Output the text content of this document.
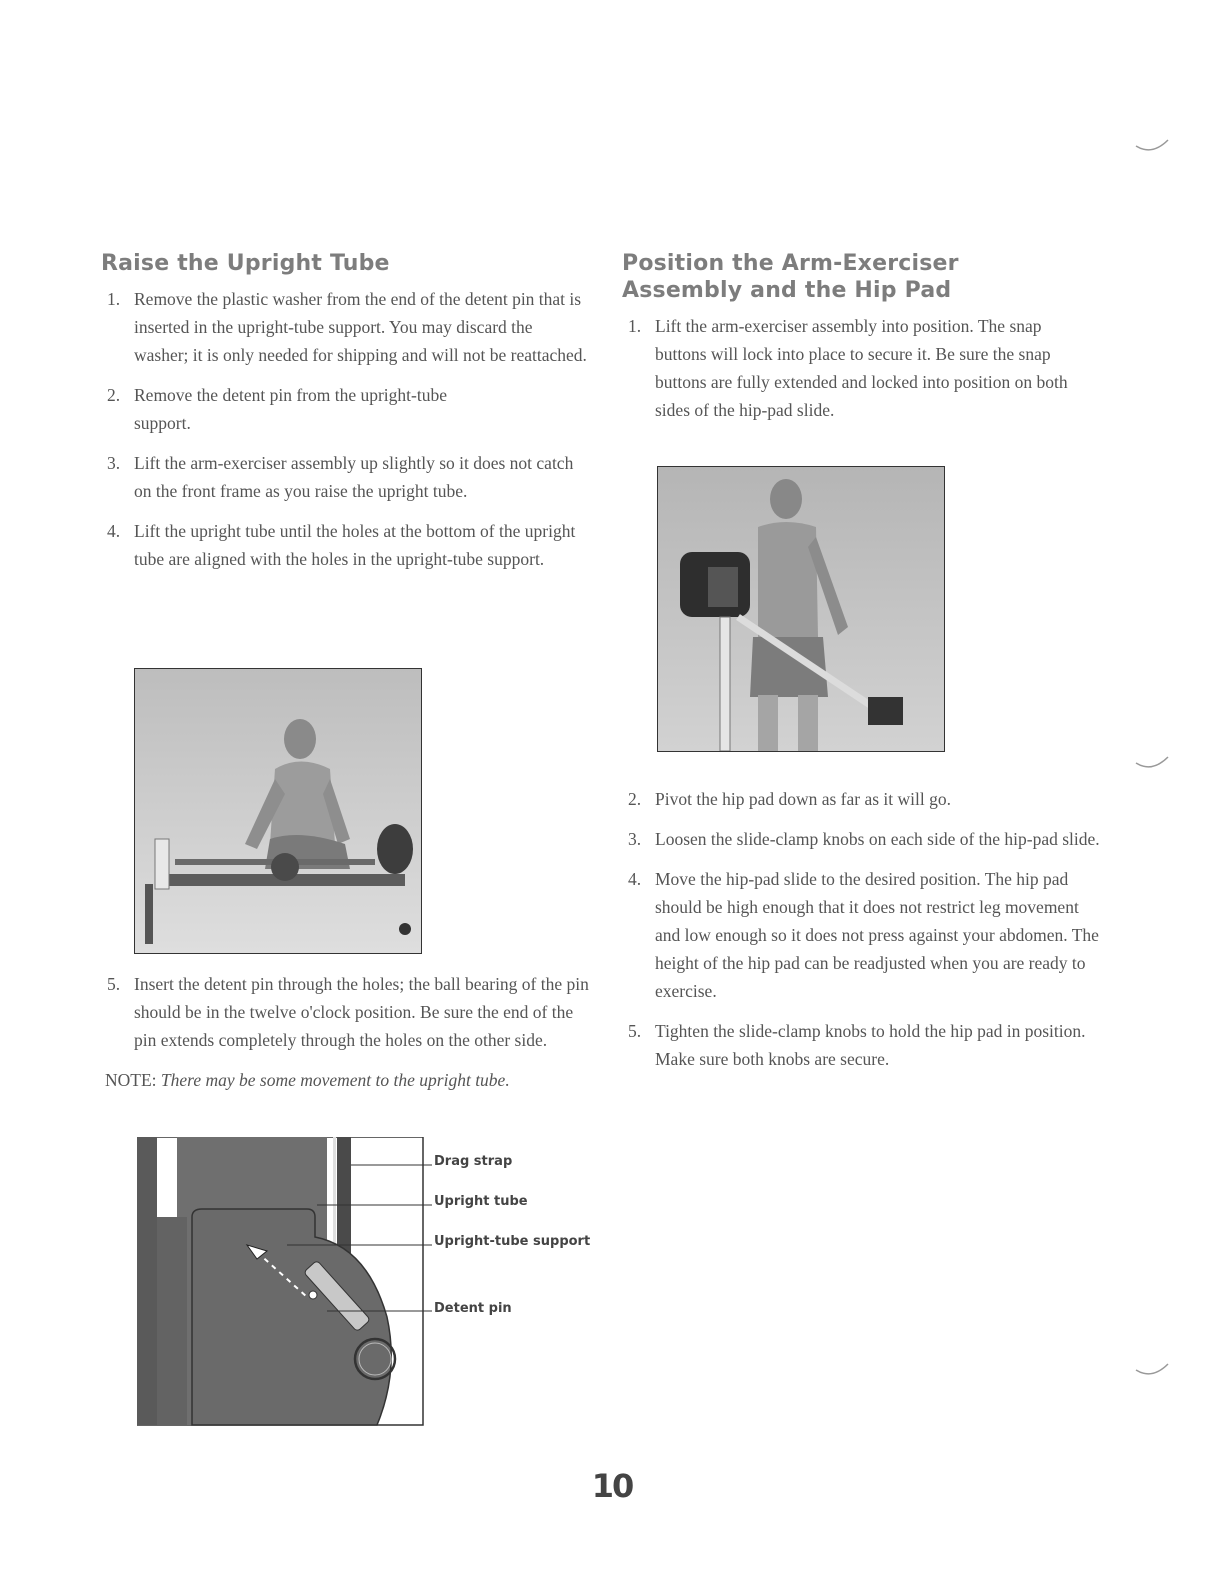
Raise the Upright Tube
1. Remove the plastic washer from the end of the detent pin that is inserted in the upright-tube support. You may discard the washer; it is only needed for shipping and will not be reattached.
2. Remove the detent pin from the upright-tube support.
3. Lift the arm-exerciser assembly up slightly so it does not catch on the front frame as you raise the upright tube.
4. Lift the upright tube until the holes at the bottom of the upright tube are aligned with the holes in the upright-tube support.
5. Insert the detent pin through the holes; the ball bearing of the pin should be in the twelve o'clock position. Be sure the end of the pin extends completely through the holes on the other side.
NOTE: There may be some movement to the upright tube.
Drag strap
Upright tube
Upright-tube support
Detent pin
Position the Arm-Exerciser
Assembly and the Hip Pad
1. Lift the arm-exerciser assembly into position. The snap buttons will lock into place to secure it. Be sure the snap buttons are fully extended and locked into position on both sides of the hip-pad slide.
2. Pivot the hip pad down as far as it will go.
3. Loosen the slide-clamp knobs on each side of the hip-pad slide.
4. Move the hip-pad slide to the desired position. The hip pad should be high enough that it does not restrict leg movement and low enough so it does not press against your abdomen. The height of the hip pad can be readjusted when you are ready to exercise.
5. Tighten the slide-clamp knobs to hold the hip pad in position. Make sure both knobs are secure.
10
